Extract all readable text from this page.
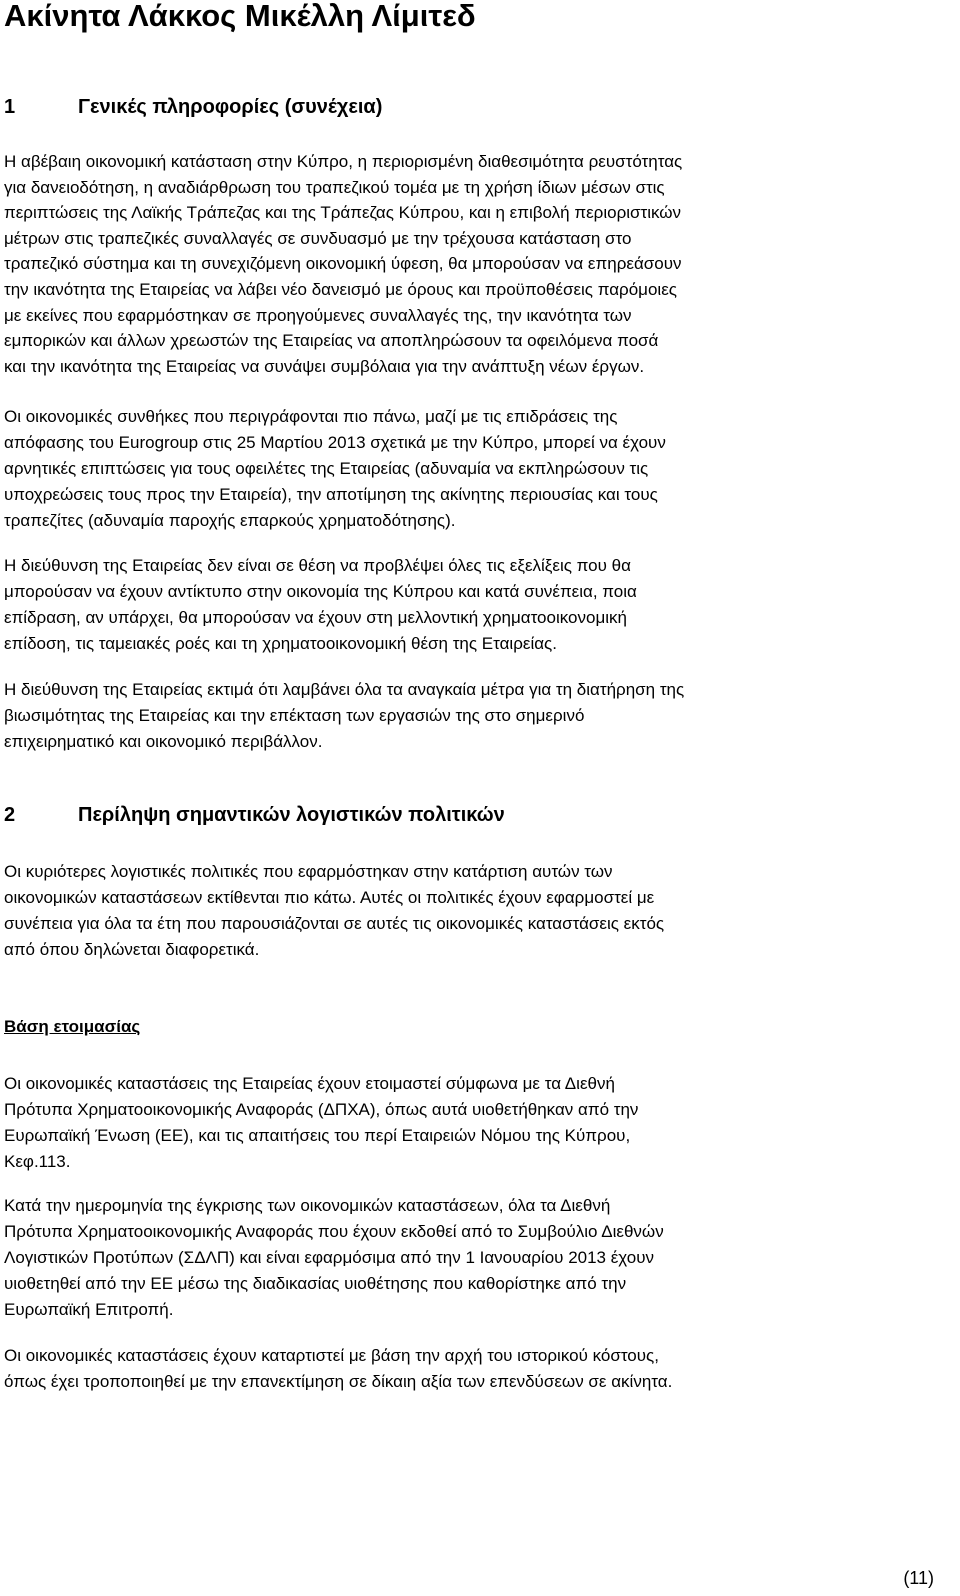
Ακίνητα Λάκκος Μικέλλη Λίμιτεδ
1	Γενικές πληροφορίες (συνέχεια)
Η αβέβαιη οικονομική κατάσταση στην Κύπρο, η περιορισμένη διαθεσιμότητα ρευστότητας
για δανειοδότηση, η αναδιάρθρωση του τραπεζικού τομέα με τη χρήση ίδιων μέσων στις
περιπτώσεις της Λαϊκής Τράπεζας και της Τράπεζας Κύπρου, και η επιβολή περιοριστικών
μέτρων στις τραπεζικές συναλλαγές σε συνδυασμό με την τρέχουσα κατάσταση στο
τραπεζικό σύστημα και τη συνεχιζόμενη οικονομική ύφεση, θα μπορούσαν να επηρεάσουν
την ικανότητα της Εταιρείας να λάβει νέο δανεισμό με όρους και προϋποθέσεις παρόμοιες
με εκείνες που εφαρμόστηκαν σε προηγούμενες συναλλαγές της, την ικανότητα των
εμπορικών και άλλων χρεωστών της Εταιρείας να αποπληρώσουν τα οφειλόμενα ποσά
και την ικανότητα της Εταιρείας να συνάψει συμβόλαια για την ανάπτυξη νέων έργων.
Οι οικονομικές συνθήκες που περιγράφονται πιο πάνω, μαζί με τις επιδράσεις της
απόφασης του Eurogroup στις 25 Μαρτίου 2013 σχετικά με την Κύπρο, μπορεί να έχουν
αρνητικές επιπτώσεις για τους οφειλέτες της Εταιρείας (αδυναμία να εκπληρώσουν τις
υποχρεώσεις τους προς την Εταιρεία), την αποτίμηση της ακίνητης περιουσίας και τους
τραπεζίτες (αδυναμία παροχής επαρκούς χρηματοδότησης).
Η διεύθυνση της Εταιρείας δεν είναι σε θέση να προβλέψει όλες τις εξελίξεις που θα
μπορούσαν να έχουν αντίκτυπο στην οικονομία της Κύπρου και κατά συνέπεια, ποια
επίδραση, αν υπάρχει, θα μπορούσαν να έχουν στη μελλοντική χρηματοοικονομική
επίδοση, τις ταμειακές ροές και τη χρηματοοικονομική θέση της Εταιρείας.
Η διεύθυνση της Εταιρείας εκτιμά ότι λαμβάνει όλα τα αναγκαία μέτρα για τη διατήρηση της
βιωσιμότητας της Εταιρείας και την επέκταση των εργασιών της στο σημερινό
επιχειρηματικό και οικονομικό περιβάλλον.
2	Περίληψη σημαντικών λογιστικών πολιτικών
Οι κυριότερες λογιστικές πολιτικές που εφαρμόστηκαν στην κατάρτιση αυτών των
οικονομικών καταστάσεων εκτίθενται πιο κάτω. Αυτές οι πολιτικές έχουν εφαρμοστεί με
συνέπεια για όλα τα έτη που παρουσιάζονται σε αυτές τις οικονομικές καταστάσεις εκτός
από όπου δηλώνεται διαφορετικά.
Βάση ετοιμασίας
Οι οικονομικές καταστάσεις της Εταιρείας έχουν ετοιμαστεί σύμφωνα με τα Διεθνή
Πρότυπα Χρηματοοικονομικής Αναφοράς (ΔΠΧΑ), όπως αυτά υιοθετήθηκαν από την
Ευρωπαϊκή Ένωση (ΕΕ), και τις απαιτήσεις του περί Εταιρειών Νόμου της Κύπρου,
Κεφ.113.
Κατά την ημερομηνία της έγκρισης των οικονομικών καταστάσεων, όλα τα Διεθνή
Πρότυπα Χρηματοοικονομικής Αναφοράς που έχουν εκδοθεί από το Συμβούλιο Διεθνών
Λογιστικών Προτύπων (ΣΔΛΠ) και είναι εφαρμόσιμα από την 1 Ιανουαρίου 2013 έχουν
υιοθετηθεί από την ΕΕ μέσω της διαδικασίας υιοθέτησης που καθορίστηκε από την
Ευρωπαϊκή Επιτροπή.
Οι οικονομικές καταστάσεις έχουν καταρτιστεί με βάση την αρχή του ιστορικού κόστους,
όπως έχει τροποποιηθεί με την επανεκτίμηση σε δίκαιη αξία των επενδύσεων σε ακίνητα.

(11)
